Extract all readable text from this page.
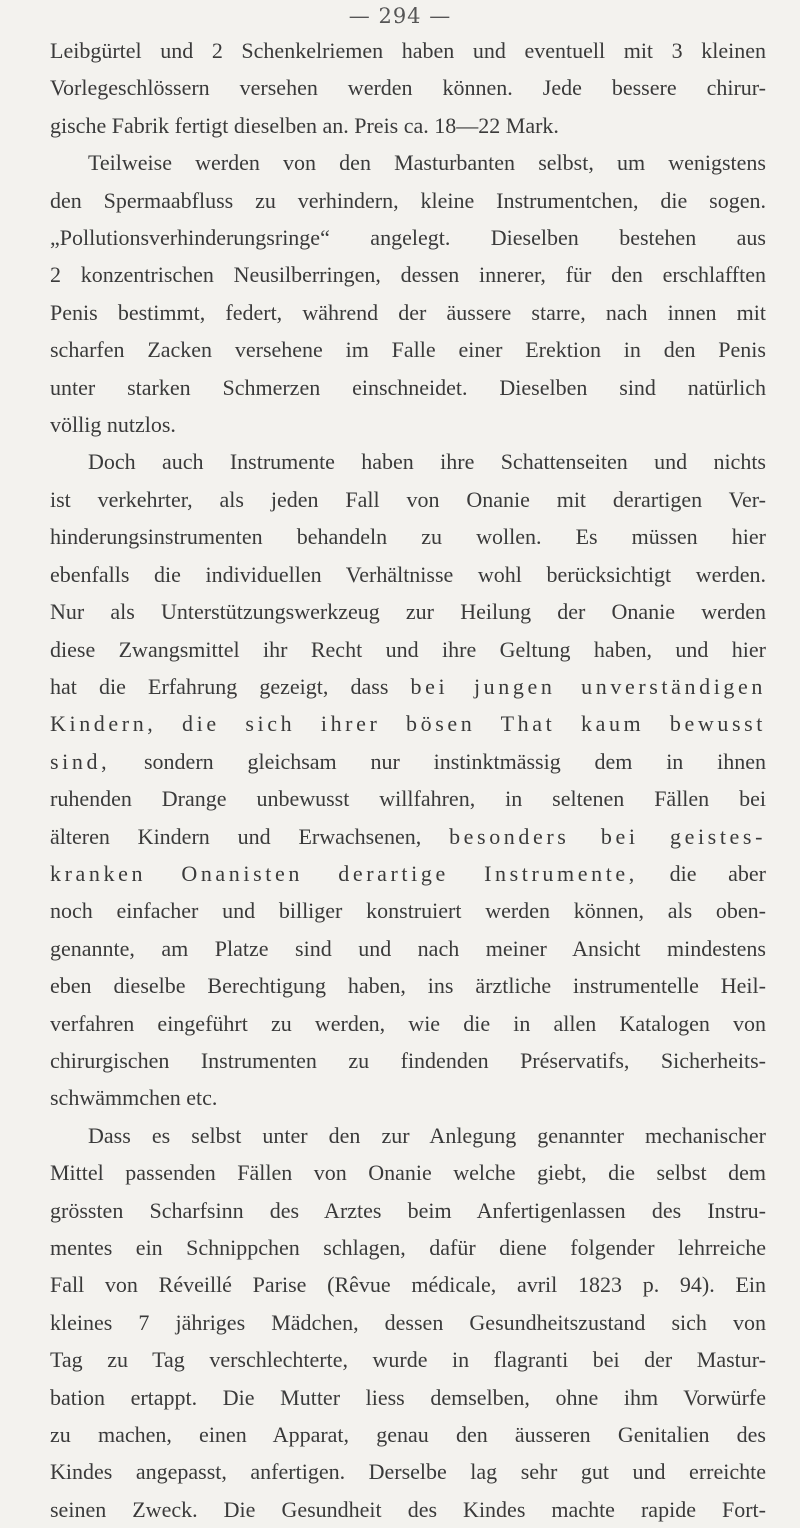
— 294 —
Leibgürtel und 2 Schenkelriemen haben und eventuell mit 3 kleinen
Vorlegeschlössern versehen werden können. Jede bessere chirur-
gische Fabrik fertigt dieselben an. Preis ca. 18—22 Mark.
Teilweise werden von den Masturbanten selbst, um wenigstens
den Spermaabfluss zu verhindern, kleine Instrumentchen, die sogen.
„Pollutionsverhinderungsringe“ angelegt. Dieselben bestehen aus
2 konzentrischen Neusilberringen, dessen innerer, für den erschlafften
Penis bestimmt, federt, während der äussere starre, nach innen mit
scharfen Zacken versehene im Falle einer Erektion in den Penis
unter starken Schmerzen einschneidet. Dieselben sind natürlich
völlig nutzlos.
Doch auch Instrumente haben ihre Schattenseiten und nichts
ist verkehrter, als jeden Fall von Onanie mit derartigen Ver-
hinderungsinstrumenten behandeln zu wollen. Es müssen hier
ebenfalls die individuellen Verhältnisse wohl berücksichtigt werden.
Nur als Unterstützungswerkzeug zur Heilung der Onanie werden
diese Zwangsmittel ihr Recht und ihre Geltung haben, und hier
hat die Erfahrung gezeigt, dass bei jungen unverständigen
Kindern, die sich ihrer bösen That kaum bewusst
sind, sondern gleichsam nur instinktmässig dem in ihnen
ruhenden Drange unbewusst willfahren, in seltenen Fällen bei
älteren Kindern und Erwachsenen, besonders bei geistes-
kranken Onanisten derartige Instrumente, die aber
noch einfacher und billiger konstruiert werden können, als oben-
genannte, am Platze sind und nach meiner Ansicht mindestens
eben dieselbe Berechtigung haben, ins ärztliche instrumentelle Heil-
verfahren eingeführt zu werden, wie die in allen Katalogen von
chirurgischen Instrumenten zu findenden Préservatifs, Sicherheits-
schwämmchen etc.
Dass es selbst unter den zur Anlegung genannter mechanischer
Mittel passenden Fällen von Onanie welche giebt, die selbst dem
grössten Scharfsinn des Arztes beim Anfertigenlassen des Instru-
mentes ein Schnippchen schlagen, dafür diene folgender lehrreiche
Fall von Réveillé Parise (Rêvue médicale, avril 1823 p. 94). Ein
kleines 7 jähriges Mädchen, dessen Gesundheitszustand sich von
Tag zu Tag verschlechterte, wurde in flagranti bei der Mastur-
bation ertappt. Die Mutter liess demselben, ohne ihm Vorwürfe
zu machen, einen Apparat, genau den äusseren Genitalien des
Kindes angepasst, anfertigen. Derselbe lag sehr gut und erreichte
seinen Zweck. Die Gesundheit des Kindes machte rapide Fort-
